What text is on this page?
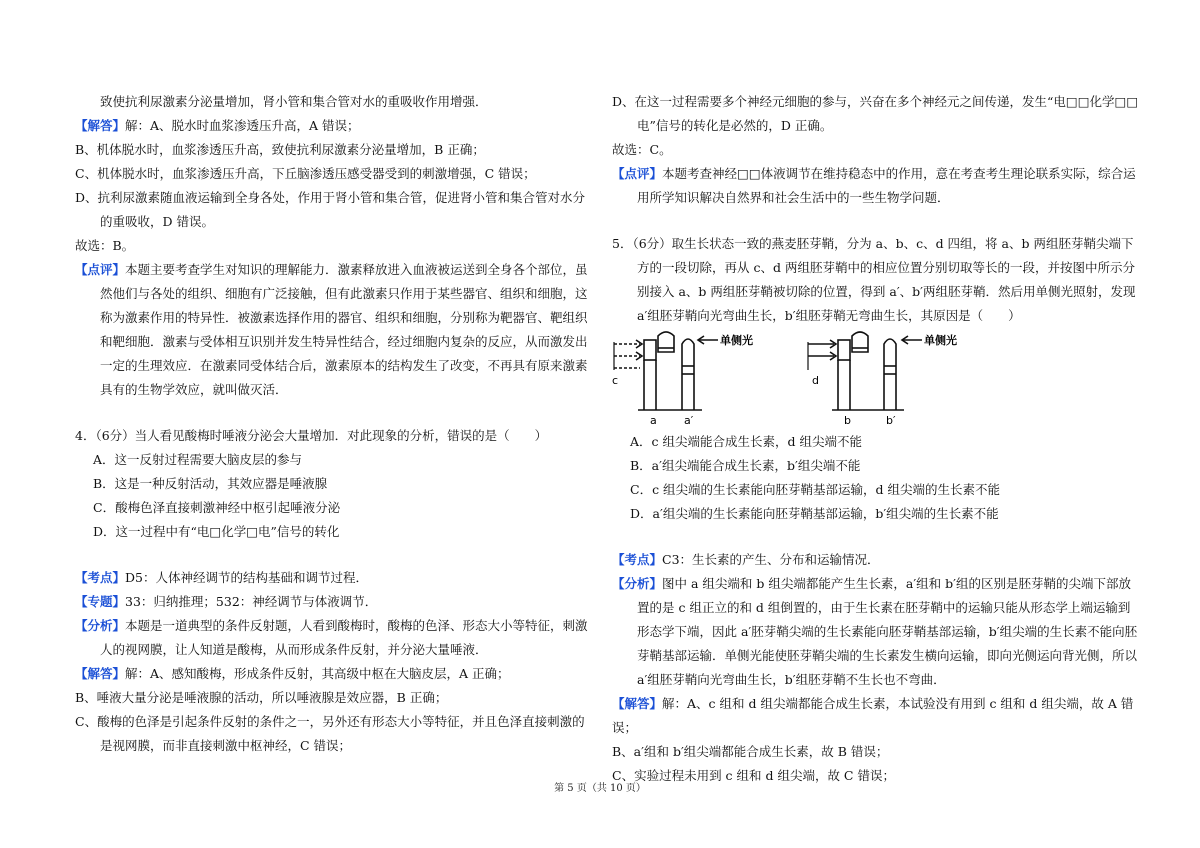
致使抗利尿激素分泌量增加，肾小管和集合管对水的重吸收作用增强．

【解答】解：A、脱水时血浆渗透压升高，A 错误；

B、机体脱水时，血浆渗透压升高，致使抗利尿激素分泌量增加，B 正确；

C、机体脱水时，血浆渗透压升高，下丘脑渗透压感受器受到的刺激增强，C 错误；

D、抗利尿激素随血液运输到全身各处，作用于肾小管和集合管，促进肾小管和集合管对水分的重吸收，D 错误。

故选：B。

【点评】本题主要考查学生对知识的理解能力．激素释放进入血液被运送到全身各个部位，虽然他们与各处的组织、细胞有广泛接触，但有此激素只作用于某些器官、组织和细胞，这称为激素作用的特异性．被激素选择作用的器官、组织和细胞，分别称为靶器官、靶组织和靶细胞．激素与受体相互识别并发生特异性结合，经过细胞内复杂的反应，从而激发出一定的生理效应．在激素同受体结合后，激素原本的结构发生了改变，不再具有原来激素具有的生物学效应，就叫做灭活．

4．（6分）当人看见酸梅时唾液分泌会大量增加．对此现象的分析，错误的是（　　）

A．这一反射过程需要大脑皮层的参与

B．这是一种反射活动，其效应器是唾液腺

C．酸梅色泽直接刺激神经中枢引起唾液分泌

D．这一过程中有“电□化学□电”信号的转化

【考点】D5：人体神经调节的结构基础和调节过程．

【专题】33：归纳推理；532：神经调节与体液调节．

【分析】本题是一道典型的条件反射题，人看到酸梅时，酸梅的色泽、形态大小等特征，刺激人的视网膜，让人知道是酸梅，从而形成条件反射，并分泌大量唾液．

【解答】解：A、感知酸梅，形成条件反射，其高级中枢在大脑皮层，A 正确；

B、唾液大量分泌是唾液腺的活动，所以唾液腺是效应器，B 正确；

C、酸梅的色泽是引起条件反射的条件之一，另外还有形态大小等特征，并且色泽直接刺激的是视网膜，而非直接刺激中枢神经，C 错误；

D、在这一过程需要多个神经元细胞的参与，兴奋在多个神经元之间传递，发生“电□□化学□□电”信号的转化是必然的，D 正确。

故选：C。

【点评】本题考查神经□□体液调节在维持稳态中的作用，意在考查考生理论联系实际，综合运用所学知识解决自然界和社会生活中的一些生物学问题．

5．（6分）取生长状态一致的燕麦胚芽鞘，分为 a、b、c、d 四组，将 a、b 两组胚芽鞘尖端下方的一段切除，再从 c、d 两组胚芽鞘中的相应位置分别切取等长的一段，并按图中所示分别接入 a、b 两组胚芽鞘被切除的位置，得到 a′、b′两组胚芽鞘．然后用单侧光照射，发现 a′组胚芽鞘向光弯曲生长，b′组胚芽鞘无弯曲生长，其原因是（　　）

单侧光
c
a a′
单侧光
d
b	b′

A．c 组尖端能合成生长素，d 组尖端不能

B．a′组尖端能合成生长素，b′组尖端不能

C．c 组尖端的生长素能向胚芽鞘基部运输，d 组尖端的生长素不能

D．a′组尖端的生长素能向胚芽鞘基部运输，b′组尖端的生长素不能

【考点】C3：生长素的产生、分布和运输情况．

【分析】图中 a 组尖端和 b 组尖端都能产生生长素，a′组和 b′组的区别是胚芽鞘的尖端下部放置的是 c 组正立的和 d 组倒置的，由于生长素在胚芽鞘中的运输只能从形态学上端运输到形态学下端，因此 a′胚芽鞘尖端的生长素能向胚芽鞘基部运输，b′组尖端的生长素不能向胚芽鞘基部运输．单侧光能使胚芽鞘尖端的生长素发生横向运输，即向光侧运向背光侧，所以 a′组胚芽鞘向光弯曲生长，b′组胚芽鞘不生长也不弯曲．

【解答】解：A、c 组和 d 组尖端都能合成生长素，本试验没有用到 c 组和 d 组尖端，故 A 错误；

B、a′组和 b′组尖端都能合成生长素，故 B 错误；

C、实验过程未用到 c 组和 d 组尖端，故 C 错误；

第 5 页（共 10 页）
